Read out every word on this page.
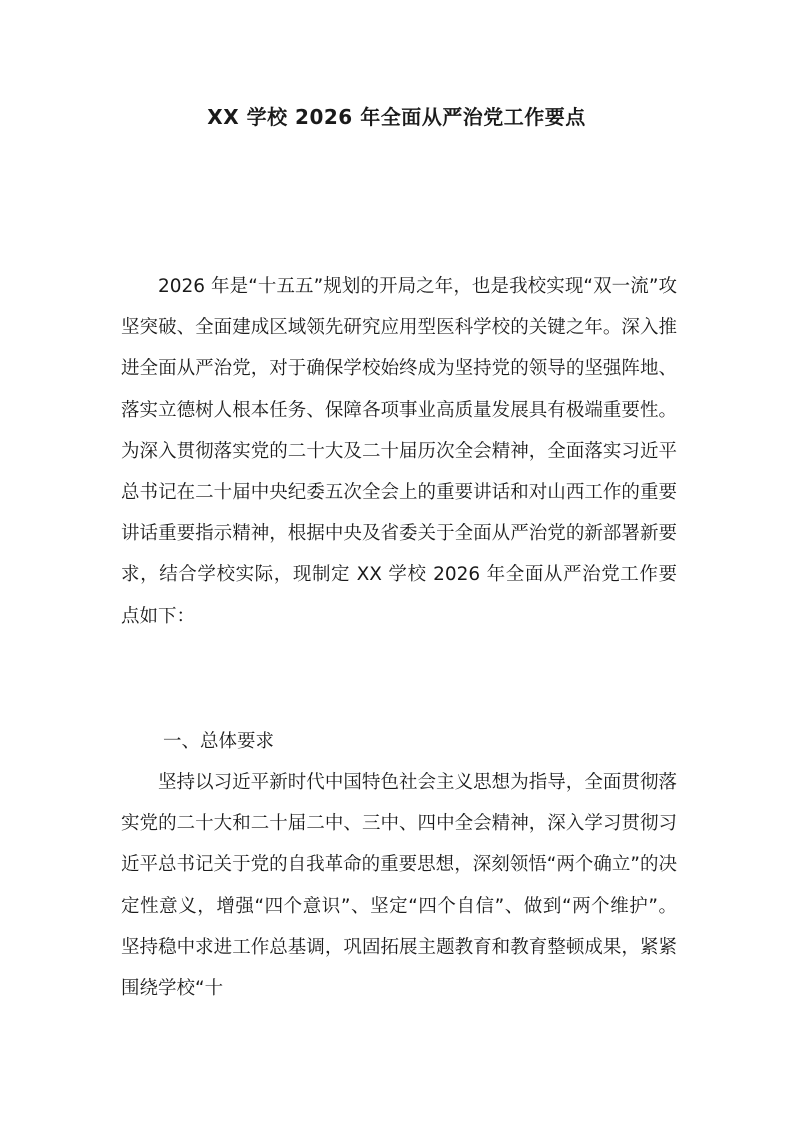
XX 学校 2026 年全面从严治党工作要点

2026 年是“十五五”规划的开局之年，也是我校实现“双一流”攻坚突破、全面建成区域领先研究应用型医科学校的关键之年。深入推进全面从严治党，对于确保学校始终成为坚持党的领导的坚强阵地、落实立德树人根本任务、保障各项事业高质量发展具有极端重要性。为深入贯彻落实党的二十大及二十届历次全会精神，全面落实习近平总书记在二十届中央纪委五次全会上的重要讲话和对山西工作的重要讲话重要指示精神，根据中央及省委关于全面从严治党的新部署新要求，结合学校实际，现制定 XX 学校 2026 年全面从严治党工作要点如下：

一、总体要求

坚持以习近平新时代中国特色社会主义思想为指导，全面贯彻落实党的二十大和二十届二中、三中、四中全会精神，深入学习贯彻习近平总书记关于党的自我革命的重要思想，深刻领悟“两个确立”的决定性意义，增强“四个意识”、坚定“四个自信”、做到“两个维护”。坚持稳中求进工作总基调，巩固拓展主题教育和教育整顿成果，紧紧围绕学校“十
